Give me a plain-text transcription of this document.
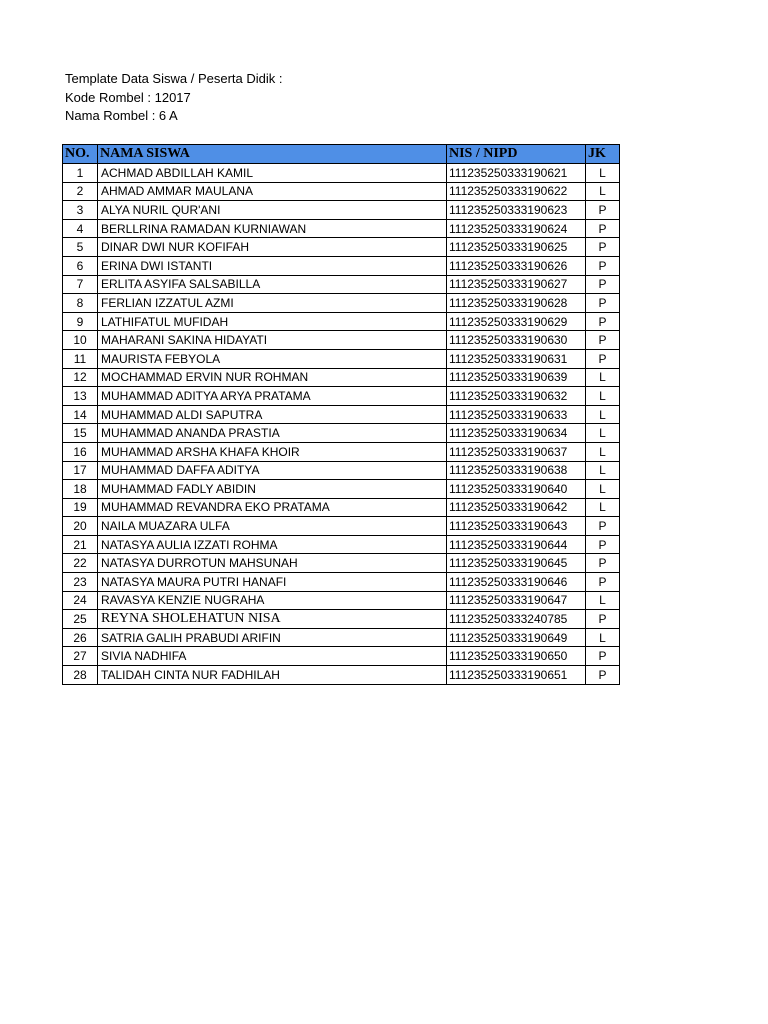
Template Data Siswa / Peserta Didik :
Kode Rombel : 12017
Nama Rombel : 6 A
NO.	NAMA SISWA	NIS / NIPD	JK
1	ACHMAD ABDILLAH KAMIL	111235250333190621	L
2	AHMAD AMMAR MAULANA	111235250333190622	L
3	ALYA NURIL QUR'ANI	111235250333190623	P
4	BERLLRINA RAMADAN KURNIAWAN	111235250333190624	P
5	DINAR DWI NUR KOFIFAH	111235250333190625	P
6	ERINA DWI ISTANTI	111235250333190626	P
7	ERLITA ASYIFA SALSABILLA	111235250333190627	P
8	FERLIAN IZZATUL AZMI	111235250333190628	P
9	LATHIFATUL MUFIDAH	111235250333190629	P
10	MAHARANI SAKINA HIDAYATI	111235250333190630	P
11	MAURISTA FEBYOLA	111235250333190631	P
12	MOCHAMMAD ERVIN NUR ROHMAN	111235250333190639	L
13	MUHAMMAD ADITYA ARYA PRATAMA	111235250333190632	L
14	MUHAMMAD ALDI SAPUTRA	111235250333190633	L
15	MUHAMMAD ANANDA PRASTIA	111235250333190634	L
16	MUHAMMAD ARSHA KHAFA KHOIR	111235250333190637	L
17	MUHAMMAD DAFFA ADITYA	111235250333190638	L
18	MUHAMMAD FADLY ABIDIN	111235250333190640	L
19	MUHAMMAD REVANDRA EKO PRATAMA	111235250333190642	L
20	NAILA MUAZARA ULFA	111235250333190643	P
21	NATASYA AULIA IZZATI ROHMA	111235250333190644	P
22	NATASYA DURROTUN MAHSUNAH	111235250333190645	P
23	NATASYA MAURA PUTRI HANAFI	111235250333190646	P
24	RAVASYA KENZIE NUGRAHA	111235250333190647	L
25	REYNA SHOLEHATUN NISA	111235250333240785	P
26	SATRIA GALIH PRABUDI ARIFIN	111235250333190649	L
27	SIVIA NADHIFA	111235250333190650	P
28	TALIDAH CINTA NUR FADHILAH	111235250333190651	P
